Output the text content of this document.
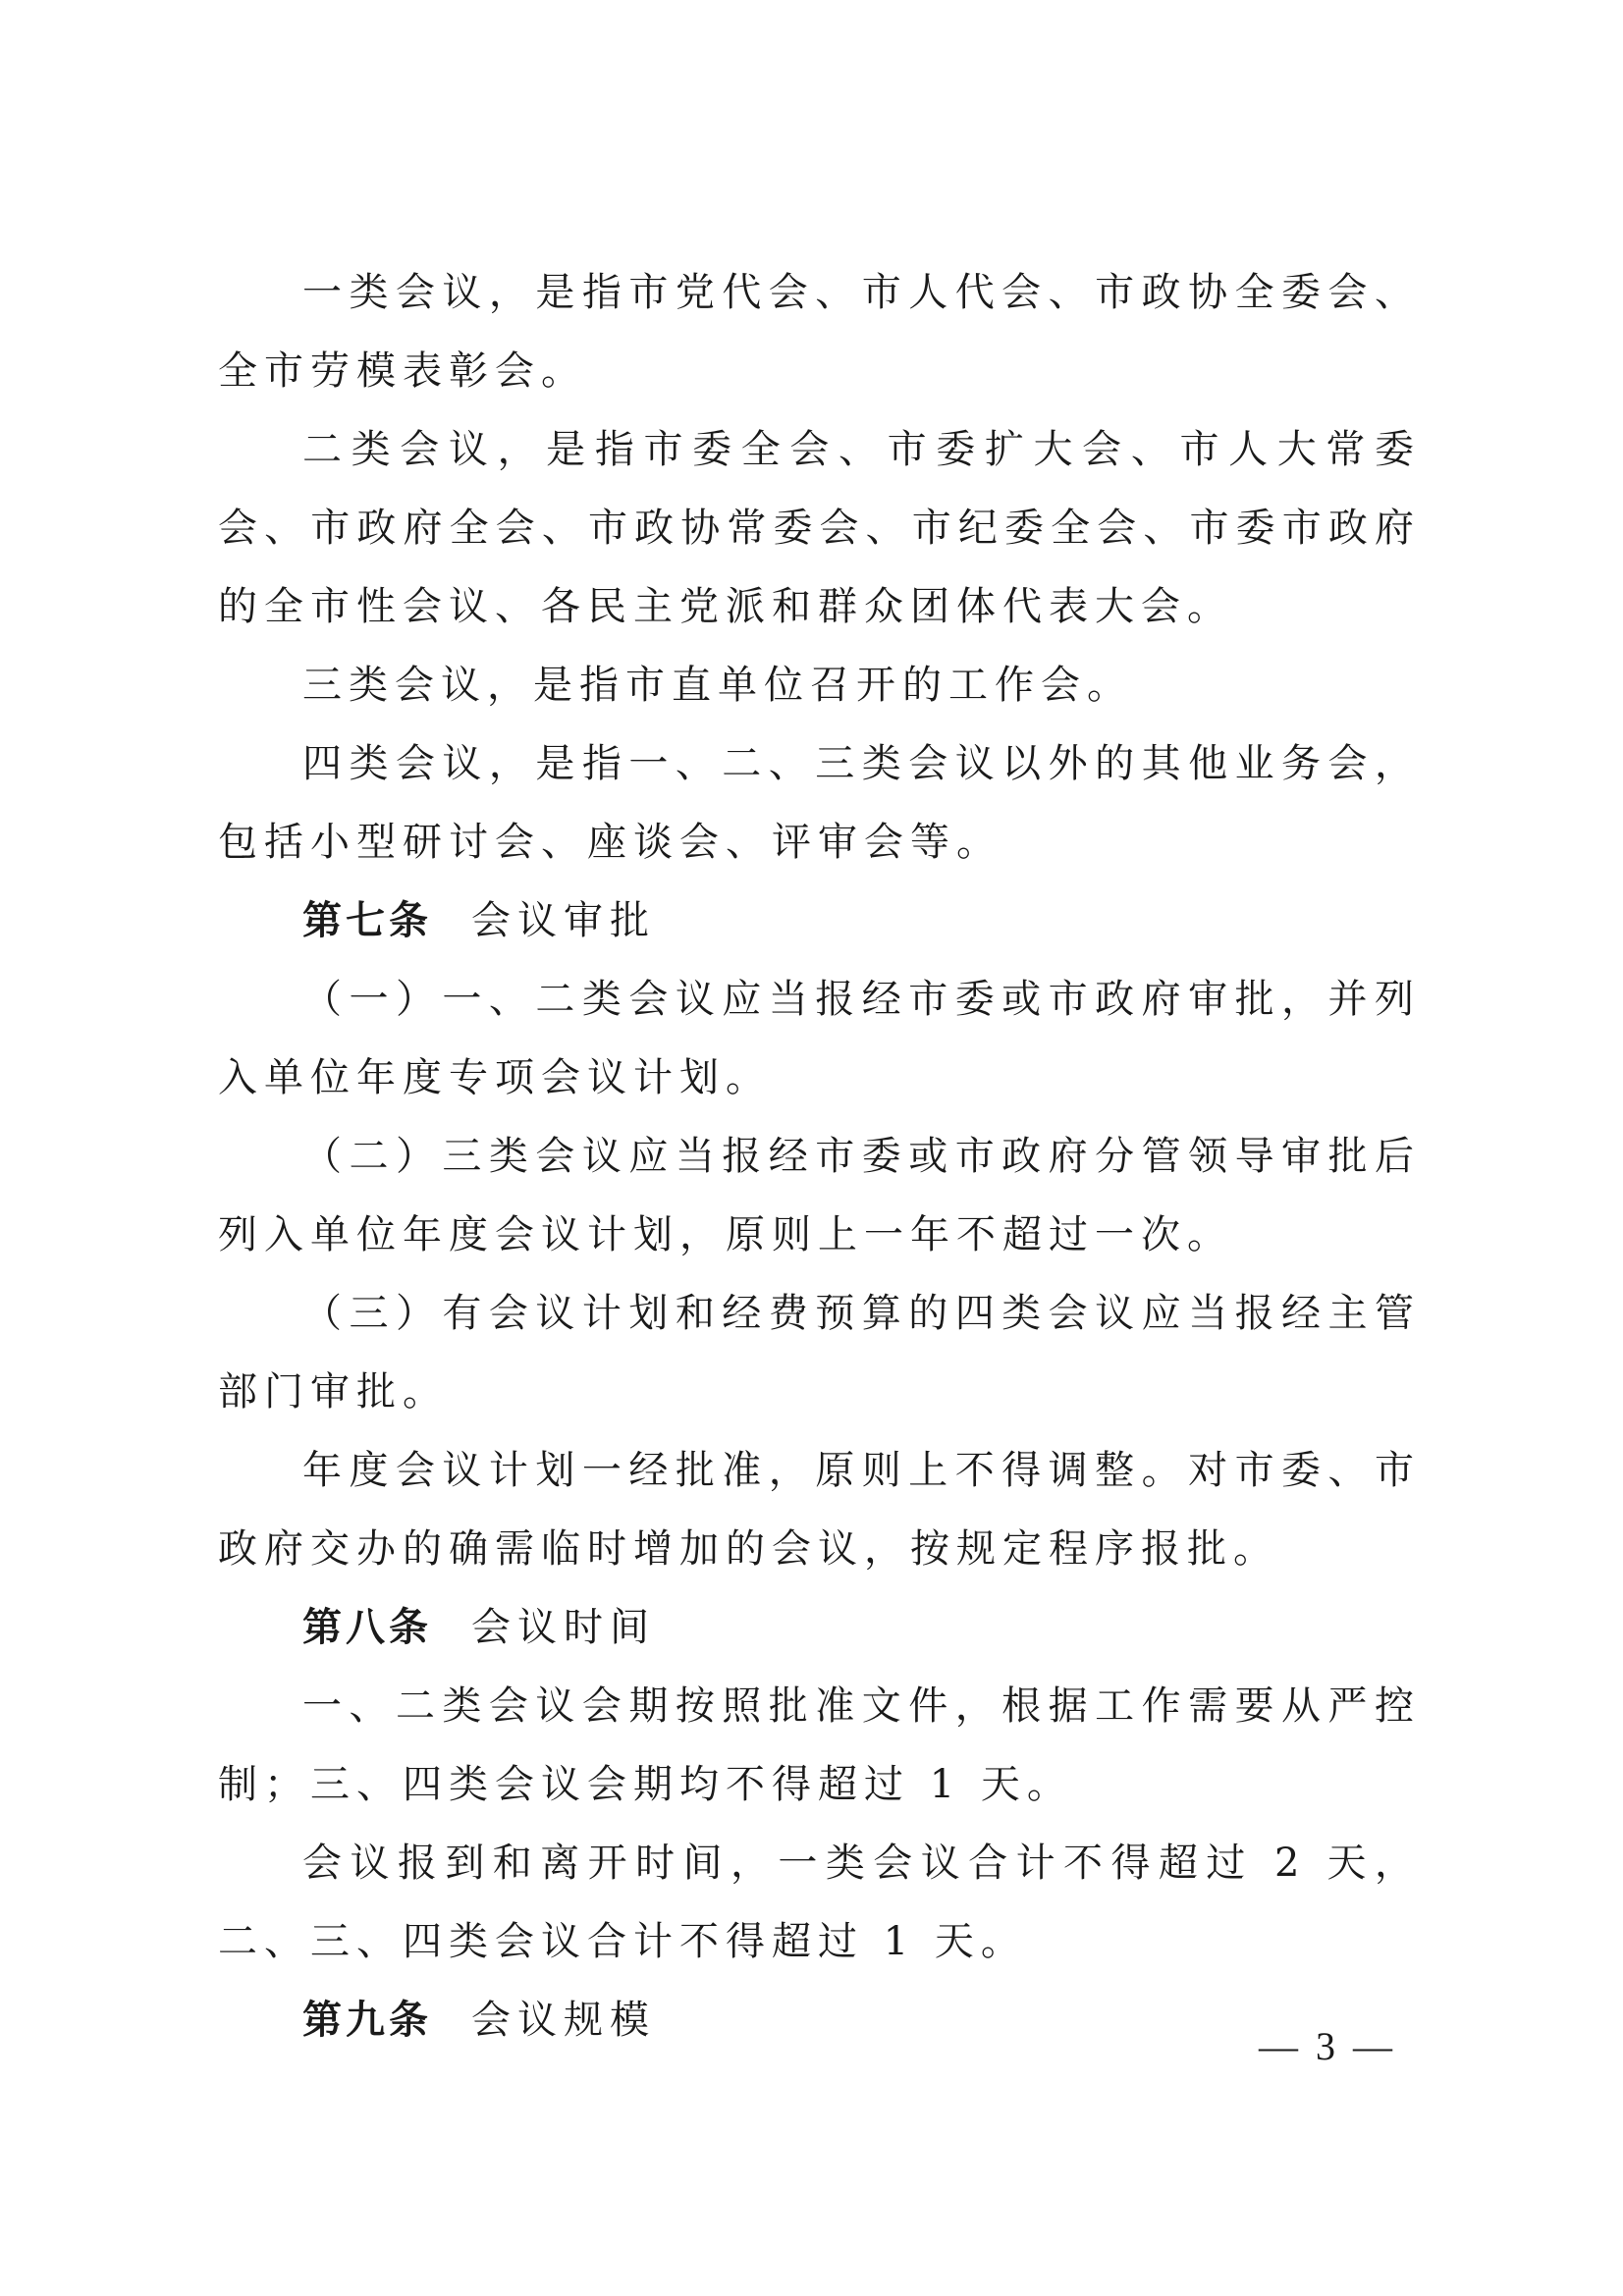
一类会议，是指市党代会、市人代会、市政协全委会、全市劳模表彰会。

二类会议，是指市委全会、市委扩大会、市人大常委会、市政府全会、市政协常委会、市纪委全会、市委市政府的全市性会议、各民主党派和群众团体代表大会。

三类会议，是指市直单位召开的工作会。

四类会议，是指一、二、三类会议以外的其他业务会，包括小型研讨会、座谈会、评审会等。

第七条 会议审批

（一）一、二类会议应当报经市委或市政府审批，并列入单位年度专项会议计划。

（二）三类会议应当报经市委或市政府分管领导审批后列入单位年度会议计划，原则上一年不超过一次。

（三）有会议计划和经费预算的四类会议应当报经主管部门审批。

年度会议计划一经批准，原则上不得调整。对市委、市政府交办的确需临时增加的会议，按规定程序报批。

第八条 会议时间

一、二类会议会期按照批准文件，根据工作需要从严控制；三、四类会议会期均不得超过 1 天。

会议报到和离开时间，一类会议合计不得超过 2 天，二、三、四类会议合计不得超过 1 天。

第九条 会议规模

— 3 —
